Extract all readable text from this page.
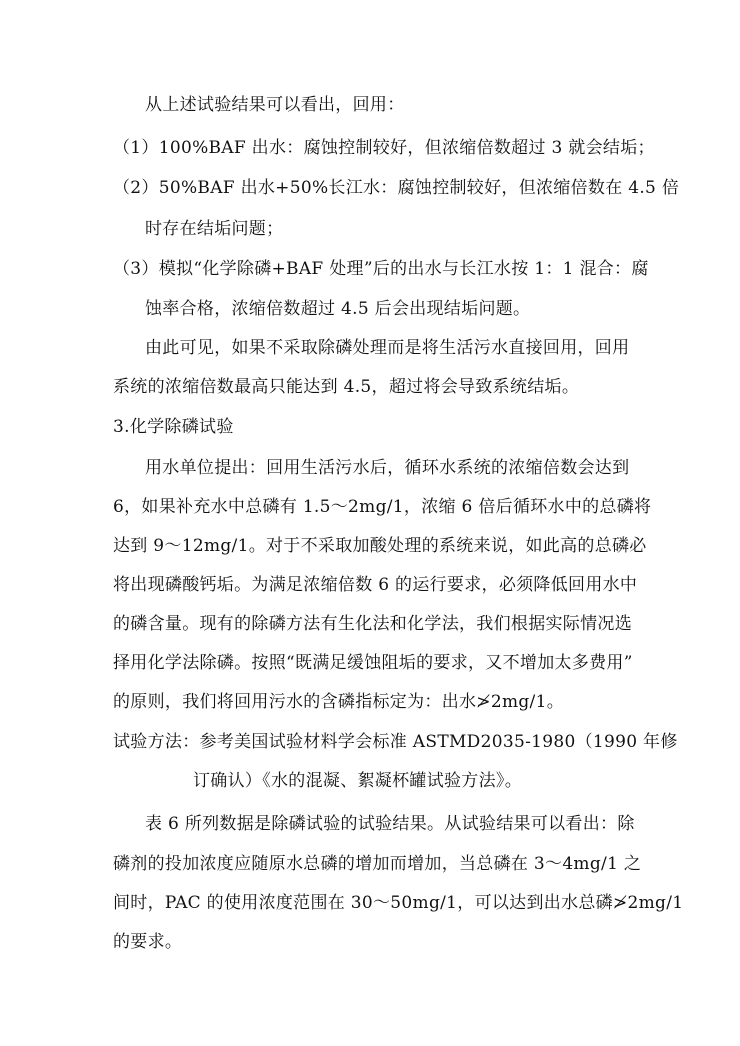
从上述试验结果可以看出，回用：
（1）100%BAF 出水：腐蚀控制较好，但浓缩倍数超过 3 就会结垢；
（2）50%BAF 出水+50%长江水：腐蚀控制较好，但浓缩倍数在 4.5 倍
时存在结垢问题；
（3）模拟“化学除磷+BAF 处理”后的出水与长江水按 1：1 混合：腐
蚀率合格，浓缩倍数超过 4.5 后会出现结垢问题。
由此可见，如果不采取除磷处理而是将生活污水直接回用，回用
系统的浓缩倍数最高只能达到 4.5，超过将会导致系统结垢。
3.化学除磷试验
用水单位提出：回用生活污水后，循环水系统的浓缩倍数会达到
6，如果补充水中总磷有 1.5～2mg/1，浓缩 6 倍后循环水中的总磷将
达到 9～12mg/1。对于不采取加酸处理的系统来说，如此高的总磷必
将出现磷酸钙垢。为满足浓缩倍数 6 的运行要求，必须降低回用水中
的磷含量。现有的除磷方法有生化法和化学法，我们根据实际情况选
择用化学法除磷。按照“既满足缓蚀阻垢的要求，又不增加太多费用”
的原则，我们将回用污水的含磷指标定为：出水≯2mg/1。
试验方法：参考美国试验材料学会标准 ASTMD2035-1980（1990 年修
订确认）《水的混凝、絮凝杯罐试验方法》。
表 6 所列数据是除磷试验的试验结果。从试验结果可以看出：除
磷剂的投加浓度应随原水总磷的增加而增加，当总磷在 3～4mg/1 之
间时，PAC 的使用浓度范围在 30～50mg/1，可以达到出水总磷≯2mg/1
的要求。
